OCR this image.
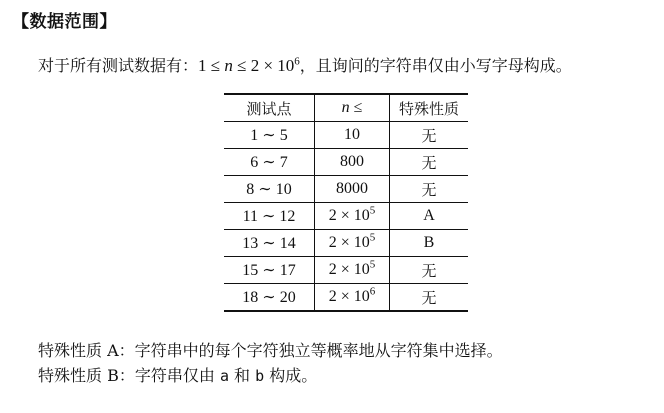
【数据范围】
对于所有测试数据有：$1 \le n \le 2 \times 10^6$，且询问的字符串仅由小写字母构成。
测试点	n ≤	特殊性质
1 ∼ 5	10	无
6 ∼ 7	800	无
8 ∼ 10	8000	无
11 ∼ 12	$2 \times 10^5$	A
13 ∼ 14	$2 \times 10^5$	B
15 ∼ 17	$2 \times 10^5$	无
18 ∼ 20	$2 \times 10^6$	无
特殊性质 A：字符串中的每个字符独立等概率地从字符集中选择。
特殊性质 B：字符串仅由 a 和 b 构成。
